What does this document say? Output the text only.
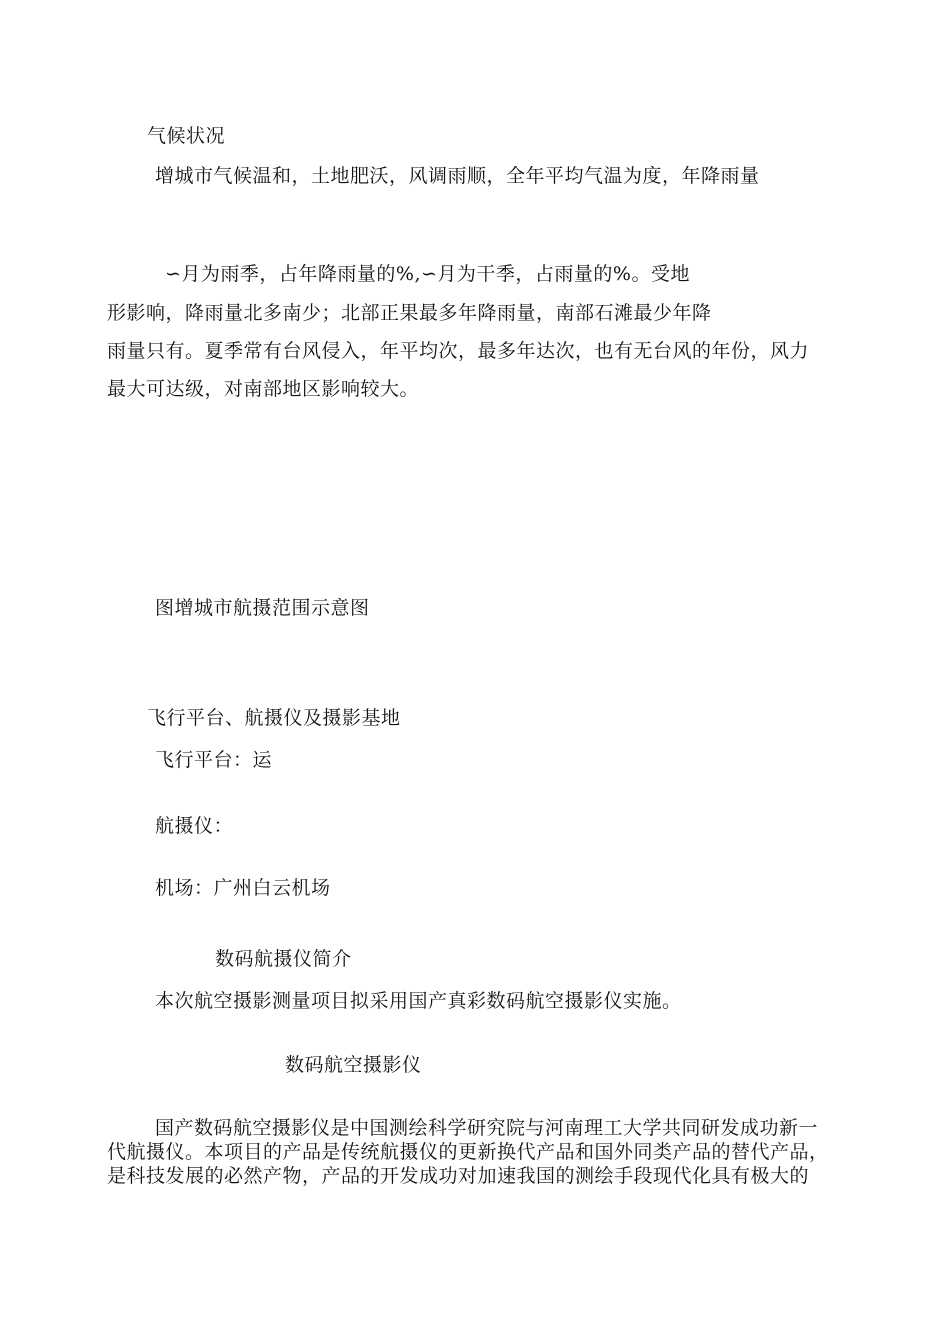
气候状况
增城市气候温和，土地肥沃，风调雨顺，全年平均气温为度，年降雨量
∽月为雨季，占年降雨量的%,∽月为干季，占雨量的%。受地
形影响，降雨量北多南少；北部正果最多年降雨量，南部石滩最少年降
雨量只有。夏季常有台风侵入，年平均次，最多年达次，也有无台风的年份，风力
最大可达级，对南部地区影响较大。
图增城市航摄范围示意图
飞行平台、航摄仪及摄影基地
飞行平台：运
航摄仪：
机场：广州白云机场
数码航摄仪简介
本次航空摄影测量项目拟采用国产真彩数码航空摄影仪实施。
数码航空摄影仪
国产数码航空摄影仪是中国测绘科学研究院与河南理工大学共同研发成功新一
代航摄仪。本项目的产品是传统航摄仪的更新换代产品和国外同类产品的替代产品，
是科技发展的必然产物，产品的开发成功对加速我国的测绘手段现代化具有极大的
